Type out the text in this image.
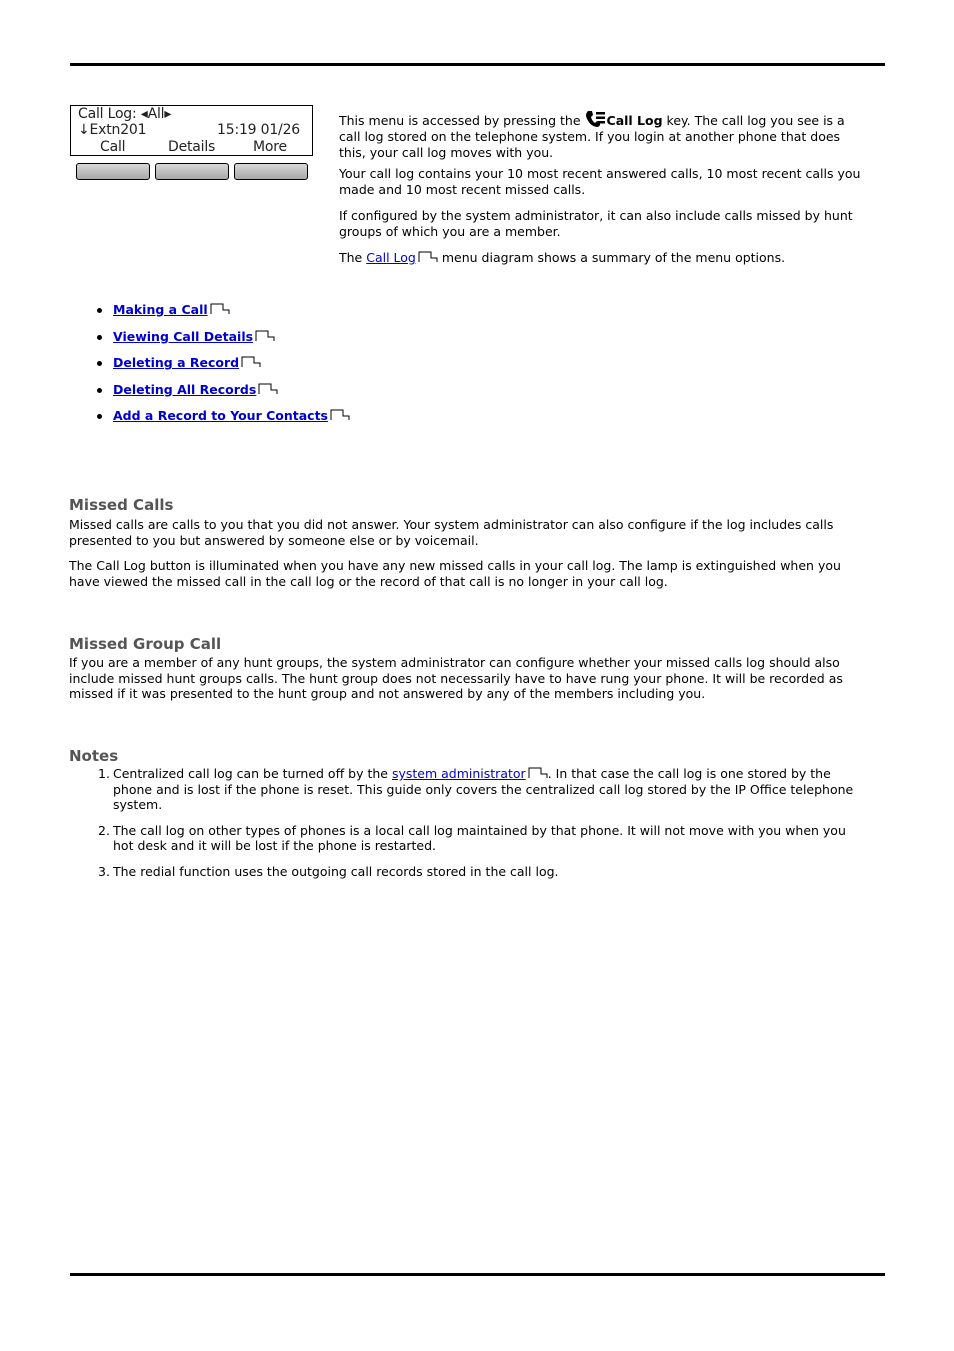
Call Log: ◂All▸
↓Extn201	15:19 01/26
Call	Details	More

This menu is accessed by pressing the Call Log key. The call log you see is a call log stored on the telephone system. If you login at another phone that does this, your call log moves with you.

Your call log contains your 10 most recent answered calls, 10 most recent calls you made and 10 most recent missed calls.

If configured by the system administrator, it can also include calls missed by hunt groups of which you are a member.

The Call Log menu diagram shows a summary of the menu options.

Making a Call
Viewing Call Details
Deleting a Record
Deleting All Records
Add a Record to Your Contacts
Missed Calls

Missed calls are calls to you that you did not answer. Your system administrator can also configure if the log includes calls presented to you but answered by someone else or by voicemail.

The Call Log button is illuminated when you have any new missed calls in your call log. The lamp is extinguished when you have viewed the missed call in the call log or the record of that call is no longer in your call log.

Missed Group Call

If you are a member of any hunt groups, the system administrator can configure whether your missed calls log should also include missed hunt groups calls. The hunt group does not necessarily have to have rung your phone. It will be recorded as missed if it was presented to the hunt group and not answered by any of the members including you.

Notes
1. Centralized call log can be turned off by the system administrator . In that case the call log is one stored by the phone and is lost if the phone is reset. This guide only covers the centralized call log stored by the IP Office telephone system.
2. The call log on other types of phones is a local call log maintained by that phone. It will not move with you when you hot desk and it will be lost if the phone is restarted.
3. The redial function uses the outgoing call records stored in the call log.
